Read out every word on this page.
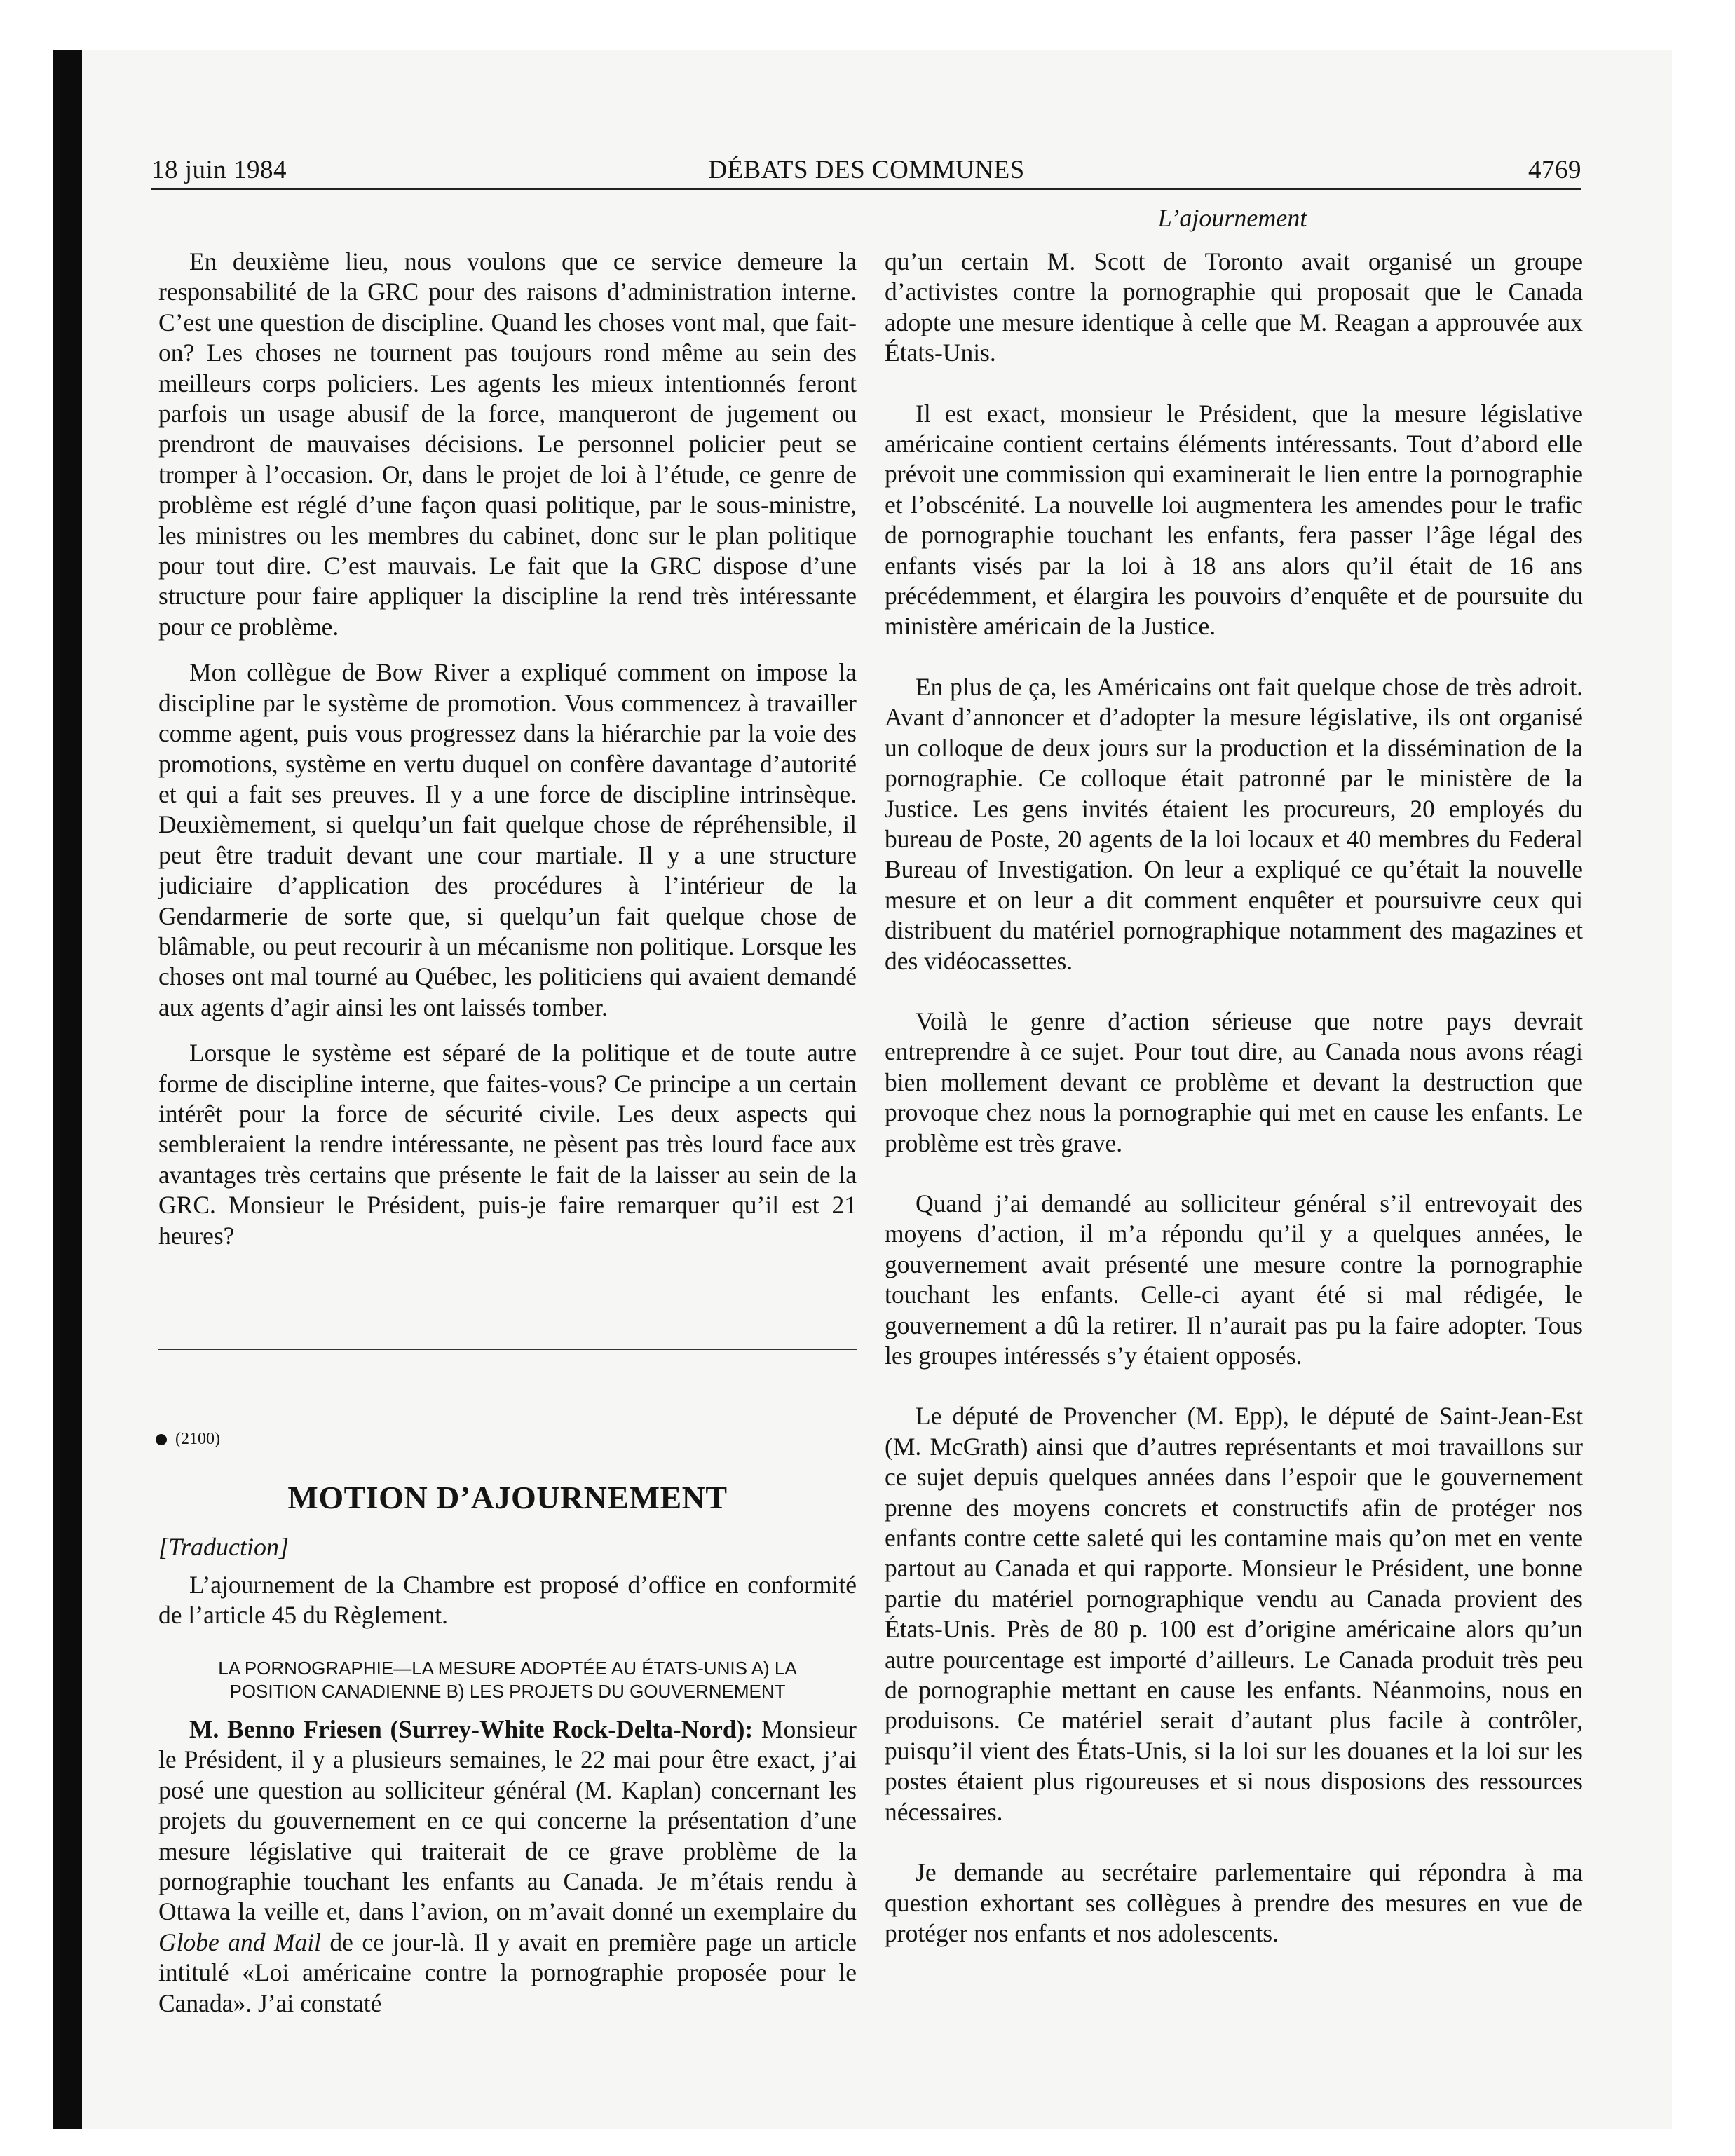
18 juin 1984	DÉBATS DES COMMUNES	4769
L’ajournement

En deuxième lieu, nous voulons que ce service demeure la responsabilité de la GRC pour des raisons d’administration interne. C’est une question de discipline. Quand les choses vont mal, que fait-on? Les choses ne tournent pas toujours rond même au sein des meilleurs corps policiers. Les agents les mieux intentionnés feront parfois un usage abusif de la force, manqueront de jugement ou prendront de mauvaises décisions. Le personnel policier peut se tromper à l’occasion. Or, dans le projet de loi à l’étude, ce genre de problème est réglé d’une façon quasi politique, par le sous-ministre, les ministres ou les membres du cabinet, donc sur le plan politique pour tout dire. C’est mauvais. Le fait que la GRC dispose d’une structure pour faire appliquer la discipline la rend très intéressante pour ce problème.

Mon collègue de Bow River a expliqué comment on impose la discipline par le système de promotion. Vous commencez à travailler comme agent, puis vous progressez dans la hiérarchie par la voie des promotions, système en vertu duquel on confère davantage d’autorité et qui a fait ses preuves. Il y a une force de discipline intrinsèque. Deuxièmement, si quelqu’un fait quelque chose de répréhensible, il peut être traduit devant une cour martiale. Il y a une structure judiciaire d’application des procédures à l’intérieur de la Gendarmerie de sorte que, si quelqu’un fait quelque chose de blâmable, ou peut recourir à un mécanisme non politique. Lorsque les choses ont mal tourné au Québec, les politiciens qui avaient demandé aux agents d’agir ainsi les ont laissés tomber.

Lorsque le système est séparé de la politique et de toute autre forme de discipline interne, que faites-vous? Ce principe a un certain intérêt pour la force de sécurité civile. Les deux aspects qui sembleraient la rendre intéressante, ne pèsent pas très lourd face aux avantages très certains que présente le fait de la laisser au sein de la GRC. Monsieur le Président, puis-je faire remarquer qu’il est 21 heures?

(2100)
MOTION D’AJOURNEMENT
[Traduction]
L’ajournement de la Chambre est proposé d’office en conformité de l’article 45 du Règlement.
LA PORNOGRAPHIE—LA MESURE ADOPTÉE AU ÉTATS-UNIS A) LA POSITION CANADIENNE B) LES PROJETS DU GOUVERNEMENT
M. Benno Friesen (Surrey-White Rock-Delta-Nord): Monsieur le Président, il y a plusieurs semaines, le 22 mai pour être exact, j’ai posé une question au solliciteur général (M. Kaplan) concernant les projets du gouvernement en ce qui concerne la présentation d’une mesure législative qui traiterait de ce grave problème de la pornographie touchant les enfants au Canada. Je m’étais rendu à Ottawa la veille et, dans l’avion, on m’avait donné un exemplaire du Globe and Mail de ce jour-là. Il y avait en première page un article intitulé «Loi américaine contre la pornographie proposée pour le Canada». J’ai constaté

qu’un certain M. Scott de Toronto avait organisé un groupe d’activistes contre la pornographie qui proposait que le Canada adopte une mesure identique à celle que M. Reagan a approuvée aux États-Unis.

Il est exact, monsieur le Président, que la mesure législative américaine contient certains éléments intéressants. Tout d’abord elle prévoit une commission qui examinerait le lien entre la pornographie et l’obscénité. La nouvelle loi augmentera les amendes pour le trafic de pornographie touchant les enfants, fera passer l’âge légal des enfants visés par la loi à 18 ans alors qu’il était de 16 ans précédemment, et élargira les pouvoirs d’enquête et de poursuite du ministère américain de la Justice.

En plus de ça, les Américains ont fait quelque chose de très adroit. Avant d’annoncer et d’adopter la mesure législative, ils ont organisé un colloque de deux jours sur la production et la dissémination de la pornographie. Ce colloque était patronné par le ministère de la Justice. Les gens invités étaient les procureurs, 20 employés du bureau de Poste, 20 agents de la loi locaux et 40 membres du Federal Bureau of Investigation. On leur a expliqué ce qu’était la nouvelle mesure et on leur a dit comment enquêter et poursuivre ceux qui distribuent du matériel pornographique notamment des magazines et des vidéocassettes.

Voilà le genre d’action sérieuse que notre pays devrait entreprendre à ce sujet. Pour tout dire, au Canada nous avons réagi bien mollement devant ce problème et devant la destruction que provoque chez nous la pornographie qui met en cause les enfants. Le problème est très grave.

Quand j’ai demandé au solliciteur général s’il entrevoyait des moyens d’action, il m’a répondu qu’il y a quelques années, le gouvernement avait présenté une mesure contre la pornographie touchant les enfants. Celle-ci ayant été si mal rédigée, le gouvernement a dû la retirer. Il n’aurait pas pu la faire adopter. Tous les groupes intéressés s’y étaient opposés.

Le député de Provencher (M. Epp), le député de Saint-Jean-Est (M. McGrath) ainsi que d’autres représentants et moi travaillons sur ce sujet depuis quelques années dans l’espoir que le gouvernement prenne des moyens concrets et constructifs afin de protéger nos enfants contre cette saleté qui les contamine mais qu’on met en vente partout au Canada et qui rapporte. Monsieur le Président, une bonne partie du matériel pornographique vendu au Canada provient des États-Unis. Près de 80 p. 100 est d’origine américaine alors qu’un autre pourcentage est importé d’ailleurs. Le Canada produit très peu de pornographie mettant en cause les enfants. Néanmoins, nous en produisons. Ce matériel serait d’autant plus facile à contrôler, puisqu’il vient des États-Unis, si la loi sur les douanes et la loi sur les postes étaient plus rigoureuses et si nous disposions des ressources nécessaires.

Je demande au secrétaire parlementaire qui répondra à ma question exhortant ses collègues à prendre des mesures en vue de protéger nos enfants et nos adolescents.
